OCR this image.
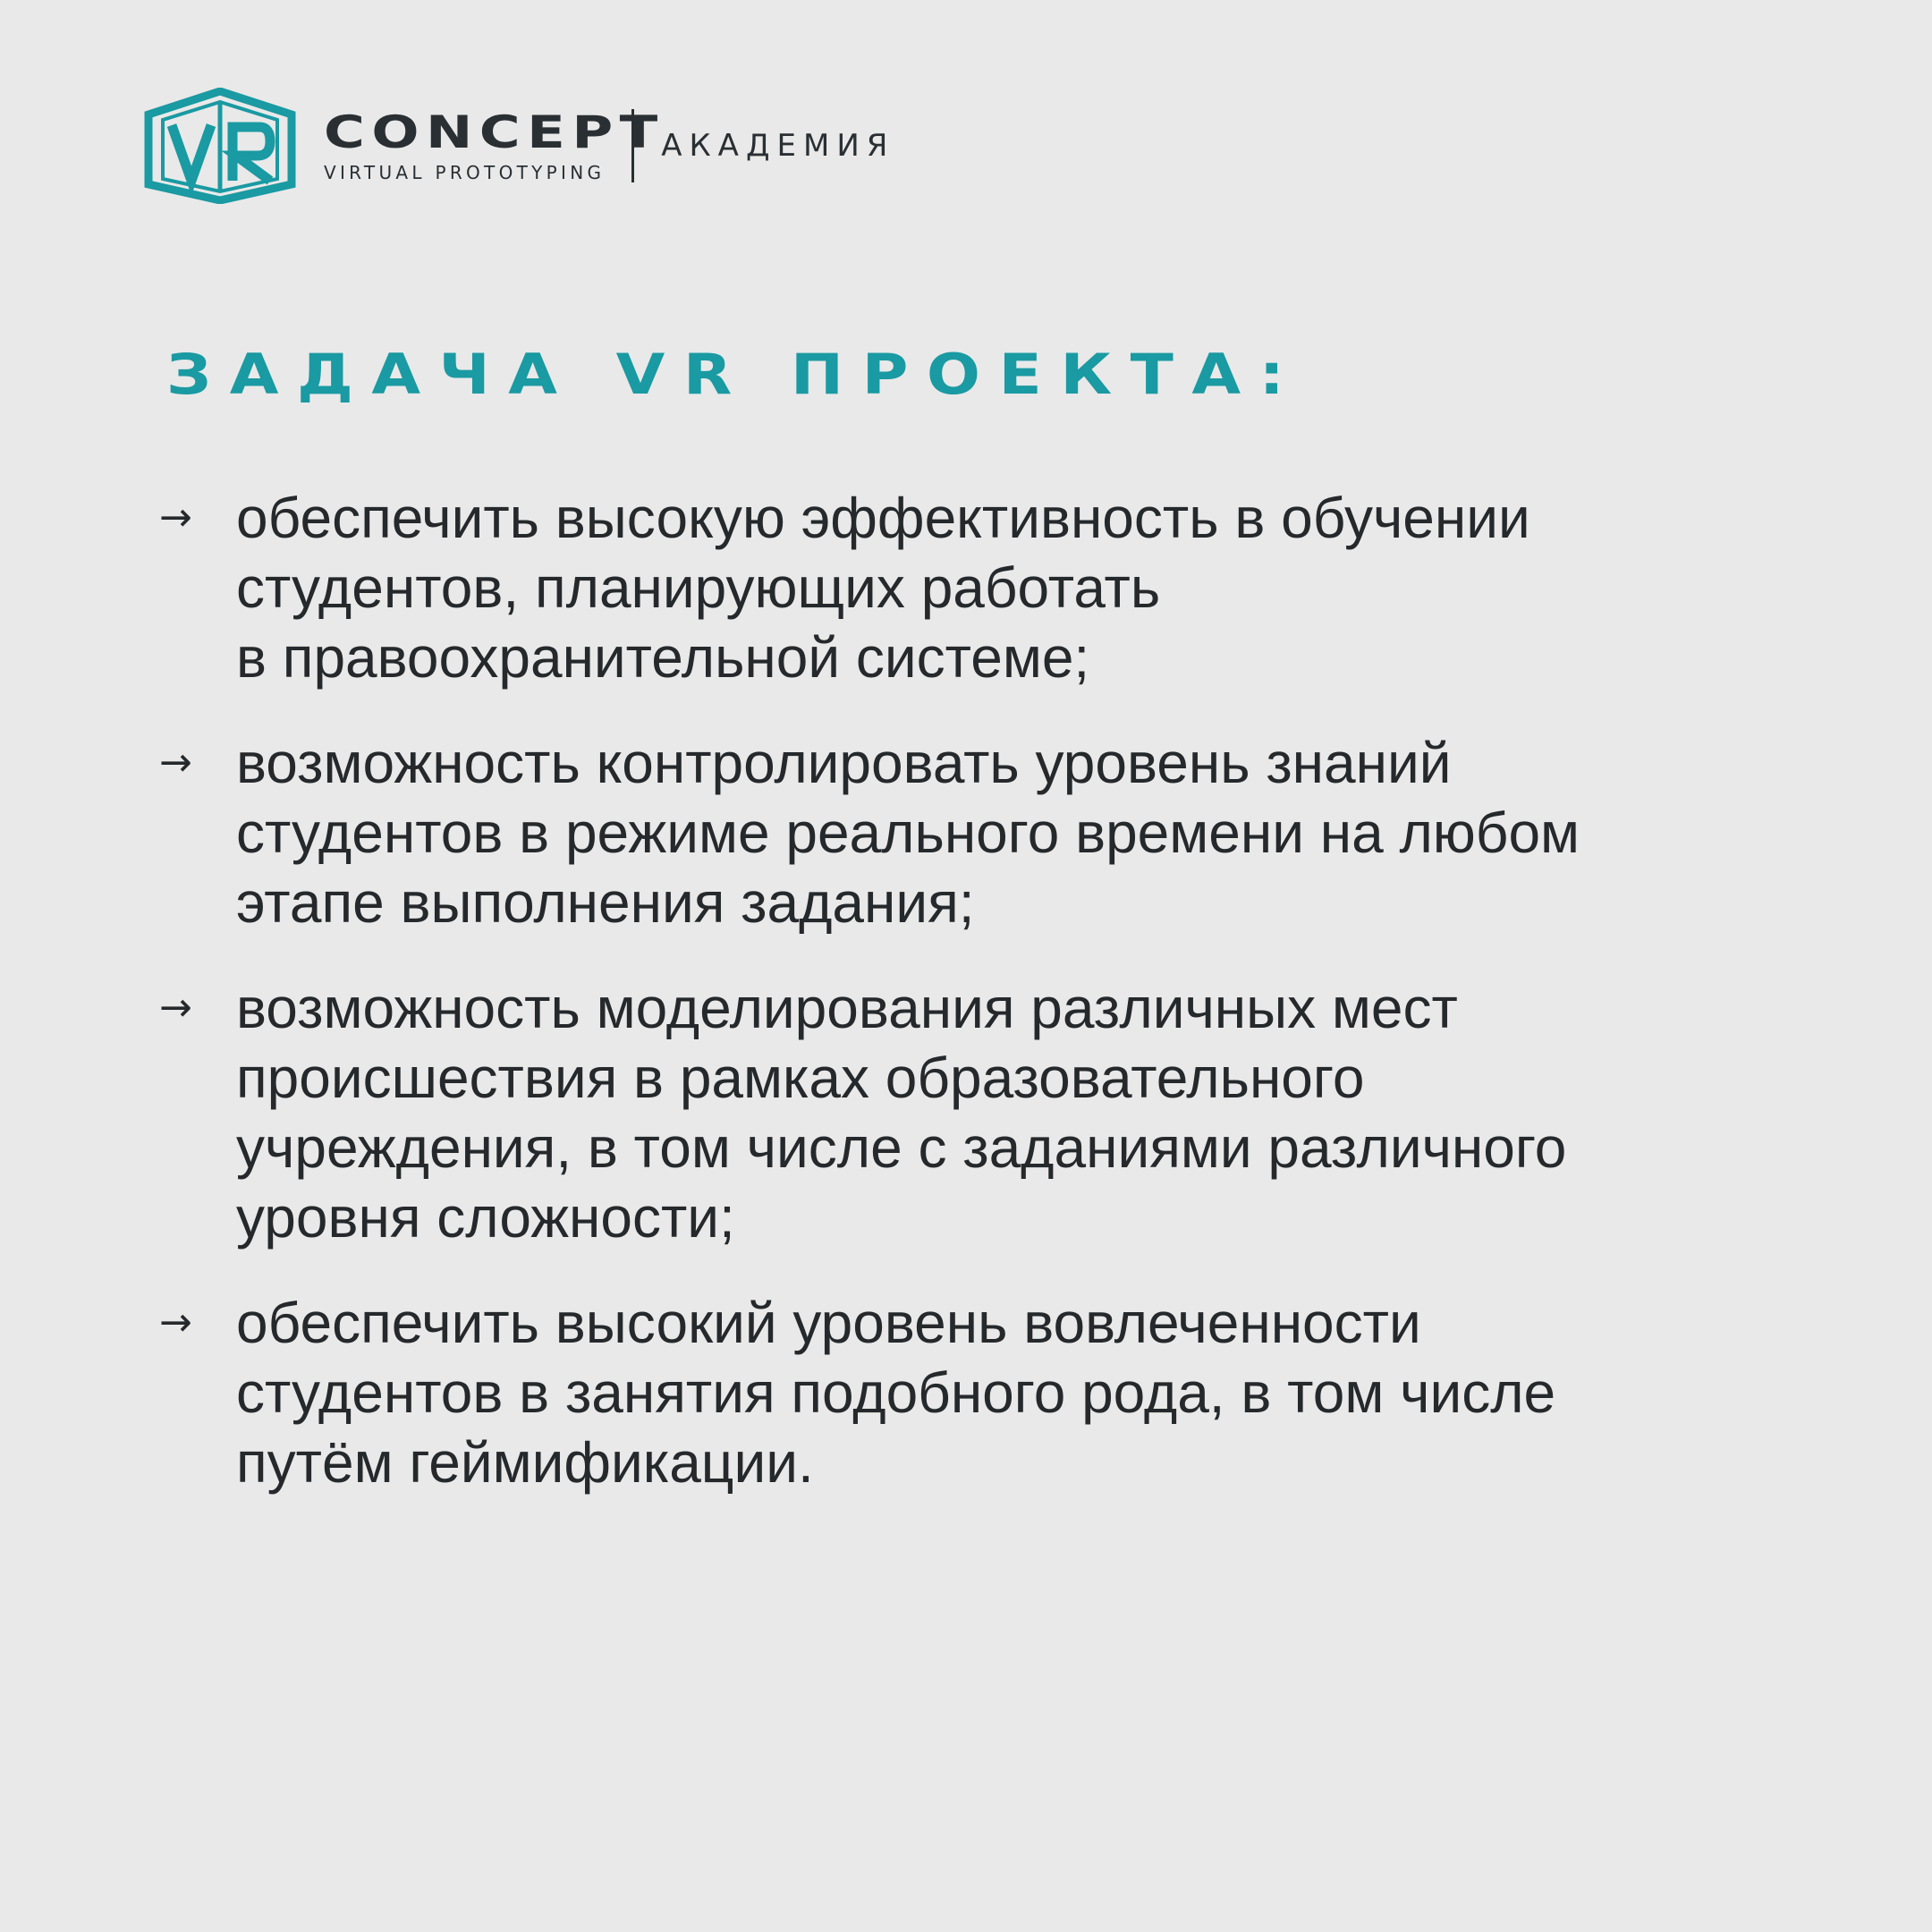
CONCEPT
VIRTUAL PROTOTYPING
АКАДЕМИЯ
ЗАДАЧА VR ПРОЕКТА:
→ обеспечить высокую эффективность в обучении
студентов, планирующих работать
в правоохранительной системе;
→ возможность контролировать уровень знаний
студентов в режиме реального времени на любом
этапе выполнения задания;
→ возможность моделирования различных мест
происшествия в рамках образовательного
учреждения, в том числе с заданиями различного
уровня сложности;
→ обеспечить высокий уровень вовлеченности
студентов в занятия подобного рода, в том числе
путём геймификации.
